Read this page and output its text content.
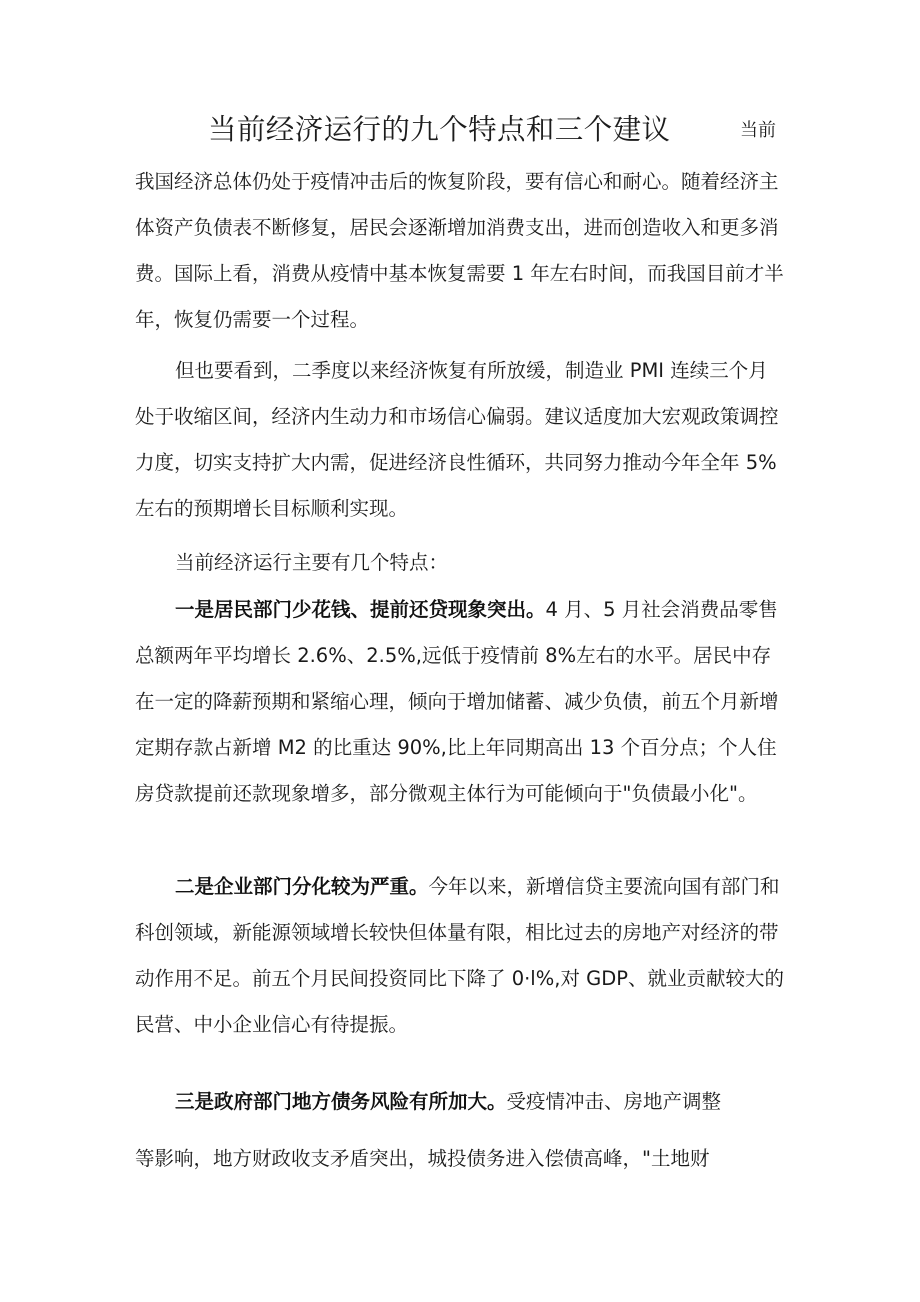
当前经济运行的九个特点和三个建议	当前

我国经济总体仍处于疫情冲击后的恢复阶段，要有信心和耐心。随着经济主体资产负债表不断修复，居民会逐渐增加消费支出，进而创造收入和更多消费。国际上看，消费从疫情中基本恢复需要 1 年左右时间，而我国目前才半年，恢复仍需要一个过程。

但也要看到，二季度以来经济恢复有所放缓，制造业 PMI 连续三个月处于收缩区间，经济内生动力和市场信心偏弱。建议适度加大宏观政策调控力度，切实支持扩大内需，促进经济良性循环，共同努力推动今年全年 5%左右的预期增长目标顺利实现。

当前经济运行主要有几个特点：

一是居民部门少花钱、提前还贷现象突出。4 月、5 月社会消费品零售总额两年平均增长 2.6%、2.5%,远低于疫情前 8%左右的水平。居民中存在一定的降薪预期和紧缩心理，倾向于增加储蓄、减少负债，前五个月新增定期存款占新增 M2 的比重达 90%,比上年同期高出 13 个百分点；个人住房贷款提前还款现象增多，部分微观主体行为可能倾向于"负债最小化"。

二是企业部门分化较为严重。今年以来，新增信贷主要流向国有部门和科创领域，新能源领域增长较快但体量有限，相比过去的房地产对经济的带动作用不足。前五个月民间投资同比下降了 0·l%,对 GDP、就业贡献较大的民营、中小企业信心有待提振。

三是政府部门地方债务风险有所加大。受疫情冲击、房地产调整

等影响，地方财政收支矛盾突出，城投债务进入偿债高峰，"土地财
